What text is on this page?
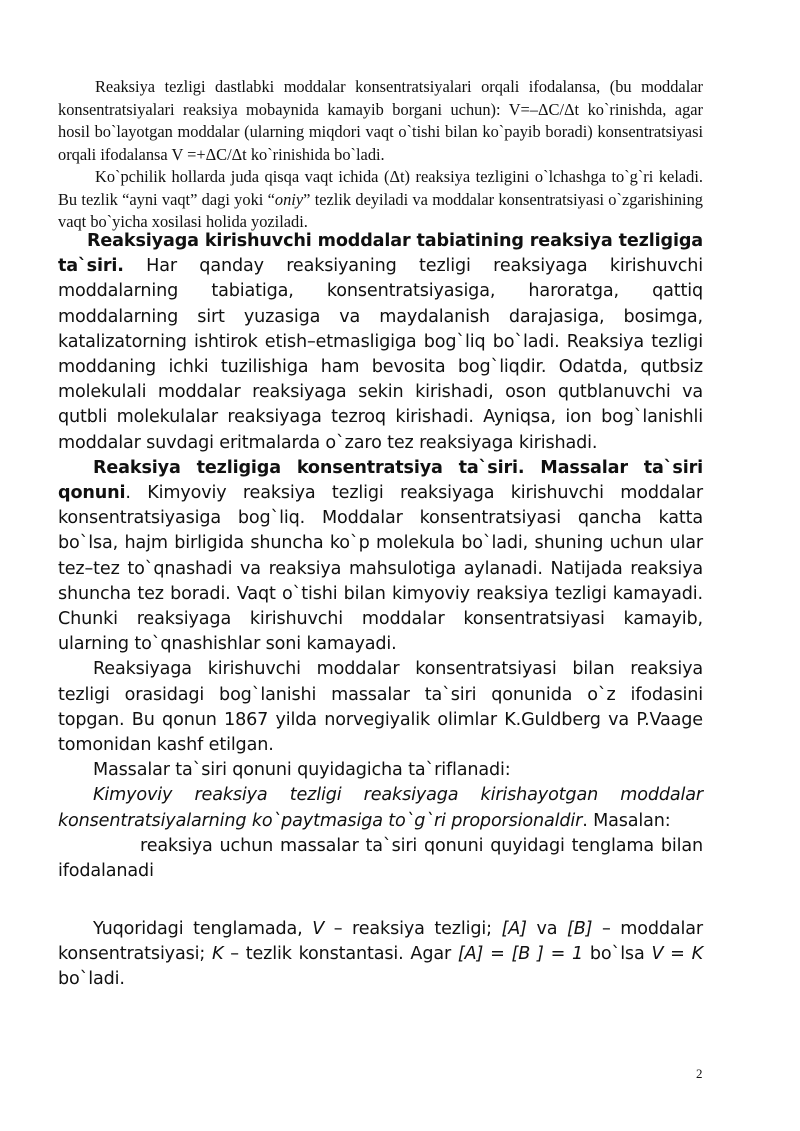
Reaksiya tezligi dastlabki moddalar konsentratsiyalari orqali ifodalansa, (bu moddalar konsentratsiyalari reaksiya mobaynida kamayib borgani uchun): V=–ΔC/Δt ko`rinishda, agar hosil bo`layotgan moddalar (ularning miqdori vaqt o`tishi bilan ko`payib boradi) konsentratsiyasi orqali ifodalansa V =+ΔC/Δt ko`rinishida bo`ladi.

Ko`pchilik hollarda juda qisqa vaqt ichida (Δt) reaksiya tezligini o`lchashga to`g`ri keladi. Bu tezlik “ayni vaqt” dagi yoki “oniy” tezlik deyiladi va moddalar konsentratsiyasi o`zgarishining vaqt bo`yicha xosilasi holida yoziladi.

Reaksiyaga kirishuvchi moddalar tabiatining reaksiya tezligiga ta`siri. Har qanday reaksiyaning tezligi reaksiyaga kirishuvchi moddalarning tabiatiga, konsentratsiyasiga, haroratga, qattiq moddalarning sirt yuzasiga va maydalanish darajasiga, bosimga, katalizatorning ishtirok etish–etmasligiga bog`liq bo`ladi. Reaksiya tezligi moddaning ichki tuzilishiga ham bevosita bog`liqdir. Odatda, qutbsiz molekulali moddalar reaksiyaga sekin kirishadi, oson qutblanuvchi va qutbli molekulalar reaksiyaga tezroq kirishadi. Ayniqsa, ion bog`lanishli moddalar suvdagi eritmalarda o`zaro tez reaksiyaga kirishadi.

Reaksiya tezligiga konsentratsiya ta`siri. Massalar ta`siri qonuni. Kimyoviy reaksiya tezligi reaksiyaga kirishuvchi moddalar konsentratsiyasiga bog`liq. Moddalar konsentratsiyasi qancha katta bo`lsa, hajm birligida shuncha ko`p molekula bo`ladi, shuning uchun ular tez–tez to`qnashadi va reaksiya mahsulotiga aylanadi. Natijada reaksiya shuncha tez boradi. Vaqt o`tishi bilan kimyoviy reaksiya tezligi kamayadi. Chunki reaksiyaga kirishuvchi moddalar konsentratsiyasi kamayib, ularning to`qnashishlar soni kamayadi.

Reaksiyaga kirishuvchi moddalar konsentratsiyasi bilan reaksiya tezligi orasidagi bog`lanishi massalar ta`siri qonunida o`z ifodasini topgan. Bu qonun 1867 yilda norvegiyalik olimlar K.Guldberg va P.Vaage tomonidan kashf etilgan.

Massalar ta`siri qonuni quyidagicha ta`riflanadi:

Kimyoviy reaksiya tezligi reaksiyaga kirishayotgan moddalar konsentratsiyalarning ko`paytmasiga to`g`ri proporsionaldir. Masalan:

reaksiya uchun massalar ta`siri qonuni quyidagi tenglama bilan ifodalanadi

Yuqoridagi tenglamada, V – reaksiya tezligi; [A] va [B] – moddalar konsentratsiyasi; K – tezlik konstantasi. Agar [A] = [B ] = 1 bo`lsa V = K bo`ladi.

2
